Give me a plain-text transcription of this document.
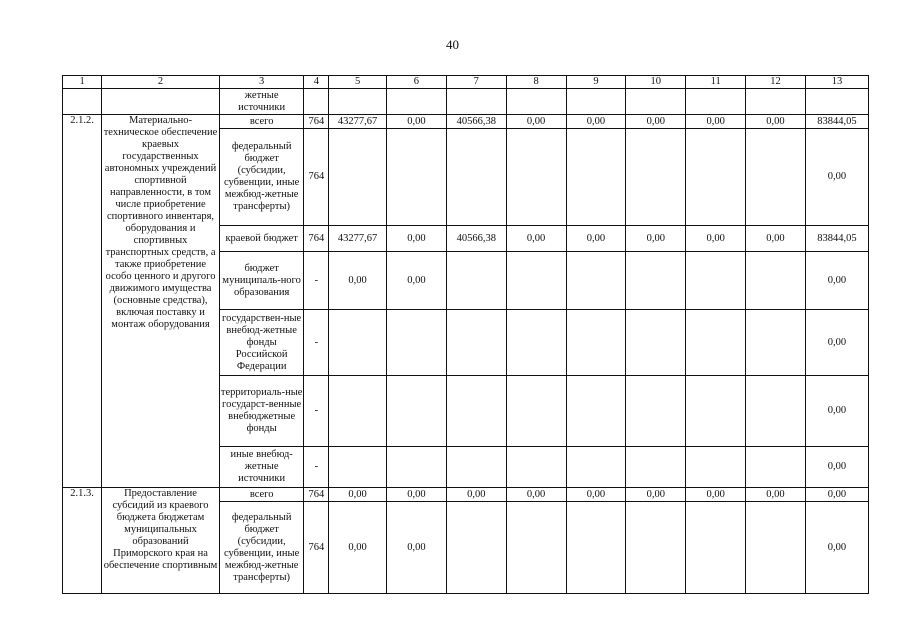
40
1	2	3	4	5	6	7	8	9	10	11	12	13
		жетные источники										
2.1.2.	Материально-техническое обеспечение краевых государственных автономных учреждений спортивной направленности, в том числе приобретение спортивного инвентаря, оборудования и спортивных транспортных средств, а также приобретение особо ценного и другого движимого имущества (основные средства), включая поставку и монтаж оборудования	всего	764	43277,67	0,00	40566,38	0,00	0,00	0,00	0,00	0,00	83844,05
		федеральный бюджет (субсидии, субвенции, иные межбюд-жетные трансферты)	764									0,00
		краевой бюджет	764	43277,67	0,00	40566,38	0,00	0,00	0,00	0,00	0,00	83844,05
		бюджет муниципаль-ного образования	-	0,00	0,00							0,00
		государствен-ные внебюд-жетные фонды Российской Федерации	-									0,00
		территориаль-ные государст-венные внебюджетные фонды	-									0,00
		иные внебюд-жетные источники	-									0,00
2.1.3.	Предоставление субсидий из краевого бюджета бюджетам муниципальных образований Приморского края на обеспечение спортивным	всего	764	0,00	0,00	0,00	0,00	0,00	0,00	0,00	0,00	0,00
		федеральный бюджет (субсидии, субвенции, иные межбюд-жетные трансферты)	764	0,00	0,00							0,00
